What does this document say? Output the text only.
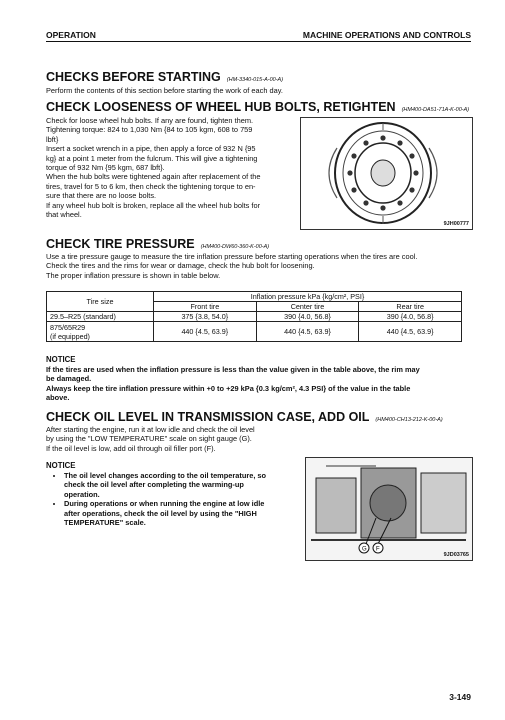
OPERATION	MACHINE OPERATIONS AND CONTROLS
CHECKS BEFORE STARTING (HM-3340-015-A-00-A)
Perform the contents of this section before starting the work of each day.
CHECK LOOSENESS OF WHEEL HUB BOLTS, RETIGHTEN (HM400-DA51-71A-K-00-A)
Check for loose wheel hub bolts. If any are found, tighten them.
Tightening torque: 824 to 1,030 Nm {84 to 105 kgm, 608 to 759
lbft}
Insert a socket wrench in a pipe, then apply a force of 932 N {95
kg} at a point 1 meter from the fulcrum. This will give a tightening
torque of 932 Nm {95 kgm, 687 lbft}.
When the hub bolts were tightened again after replacement of the
tires, travel for 5 to 6 km, then check the tightening torque to en-
sure that there are no loose bolts.
If any wheel hub bolt is broken, replace all the wheel hub bolts for
that wheel.
9JH00777
CHECK TIRE PRESSURE (HM400-DW60-360-K-00-A)
Use a tire pressure gauge to measure the tire inflation pressure before starting operations when the tires are cool.
Check the tires and the rims for wear or damage, check the hub bolt for loosening.
The proper inflation pressure is shown in table below.
Tire size	Inflation pressure kPa {kg/cm², PSI}		
	Front tire	Center tire	Rear tire
29.5–R25 (standard)	375 {3.8, 54.0}	390 {4.0, 56.8}	390 {4.0, 56.8}

875/65R29
(if equipped)	440 {4.5, 63.9}	440 {4.5, 63.9}	440 {4.5, 63.9}
NOTICE
If the tires are used when the inflation pressure is less than the value given in the table above, the rim may
be damaged.
Always keep the tire inflation pressure within +0 to +29 kPa {0.3 kg/cm², 4.3 PSI} of the value in the table
above.
CHECK OIL LEVEL IN TRANSMISSION CASE, ADD OIL (HM400-CH13-212-K-00-A)
After starting the engine, run it at low idle and check the oil level
by using the "LOW TEMPERATURE" scale on sight gauge (G).
If the oil level is low, add oil through oil filler port (F).
NOTICE
• The oil level changes according to the oil temperature, so
check the oil level after completing the warming-up
operation.
• During operations or when running the engine at low idle
after operations, check the oil level by using the "HIGH
TEMPERATURE" scale.
G F
9JD03765
3-149
